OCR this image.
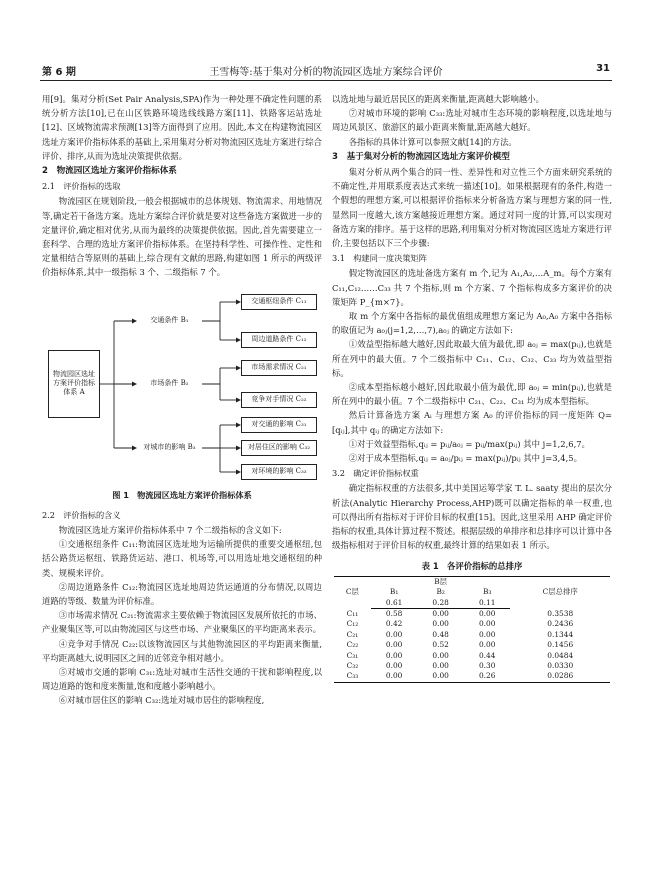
第 6 期	王雪梅等:基于集对分析的物流园区选址方案综合评价	31

用[9]。集对分析(Set Pair Analysis,SPA)作为一种处理不确定性问题的系统分析方法[10],已在山区铁路环境选线线路方案[11]、铁路客运站选址[12]、区域物流需求预测[13]等方面得到了应用。因此,本文在构建物流园区选址方案评价指标体系的基础上,采用集对分析对物流园区选址方案进行综合评价、排序,从而为选址决策提供依据。

2　物流园区选址方案评价指标体系
2.1　评价指标的选取

物流园区在规划阶段,一般会根据城市的总体规划、物流需求、用地情况等,确定若干备选方案。选址方案综合评价就是要对这些备选方案做进一步的定量评价,确定相对优劣,从而为最终的决策提供依据。因此,首先需要建立一套科学、合理的选址方案评价指标体系。在坚持科学性、可操作性、定性和定量相结合等原则的基础上,综合现有文献的思路,构建如图 1 所示的两级评价指标体系,其中一级指标 3 个、二级指标 7 个。

物流园区选址方案评价指标体系 A
交通条件 B₁
市场条件 B₂
对城市的影响 B₃
交通枢纽条件 C₁₁
周边道路条件 C₁₂
市场需求情况 C₂₁
竞争对手情况 C₂₂
对交通的影响 C₃₁
对居住区的影响 C₃₂
对环境的影响 C₃₃
图 1　物流园区选址方案评价指标体系
2.2　评价指标的含义

物流园区选址方案评价指标体系中 7 个二级指标的含义如下:

①交通枢纽条件 C₁₁:物流园区选址地为运输所提供的重要交通枢纽,包括公路货运枢纽、铁路货运站、港口、机场等,可以用选址地交通枢纽的种类、规模来评价。

②周边道路条件 C₁₂:物流园区选址地周边货运通道的分布情况,以周边道路的等级、数量为评价标准。

③市场需求情况 C₂₁:物流需求主要依赖于物流园区发展所依托的市场、产业聚集区等,可以由物流园区与这些市场、产业聚集区的平均距离来表示。

④竞争对手情况 C₂₂:以该物流园区与其他物流园区的平均距离来衡量,平均距离越大,说明园区之间的近邻竞争相对越小。

⑤对城市交通的影响 C₃₁:选址对城市生活性交通的干扰和影响程度,以周边道路的饱和度来衡量,饱和度越小影响越小。

⑥对城市居住区的影响 C₃₂:选址对城市居住的影响程度,

以选址地与最近居民区的距离来衡量,距离越大影响越小。

⑦对城市环境的影响 C₃₃:选址对城市生态环境的影响程度,以选址地与周边风景区、旅游区的最小距离来衡量,距离越大越好。

各指标的具体计算可以参照文献[14]的方法。

3　基于集对分析的物流园区选址方案评价模型

集对分析从两个集合的同一性、差异性和对立性三个方面来研究系统的不确定性,并用联系度表达式来统一描述[10]。如果根据现有的条件,构造一个假想的理想方案,可以根据评价指标来分析备选方案与理想方案的同一性,显然同一度越大,该方案越接近理想方案。通过对同一度的计算,可以实现对备选方案的排序。基于这样的思路,利用集对分析对物流园区选址方案进行评价,主要包括以下三个步骤:

3.1　构建同一度决策矩阵

假定物流园区的选址备选方案有 m 个,记为 A₁,A₂,…A_m。每个方案有 C₁₁,C₁₂……C₃₃ 共 7 个指标,则 m 个方案、7 个指标构成多方案评价的决策矩阵 P_{m×7}。

取 m 个方案中各指标的最优值组成理想方案记为 A₀,A₀ 方案中各指标的取值记为 a₀ⱼ(j=1,2,…,7),a₀ⱼ 的确定方法如下:

①效益型指标越大越好,因此取最大值为最优,即 a₀ⱼ = max(pᵢⱼ),也就是所在列中的最大值。7 个二级指标中 C₁₁、C₁₂、C₃₂、C₃₃ 均为效益型指标。

②成本型指标越小越好,因此取最小值为最优,即 a₀ⱼ = min(pᵢⱼ),也就是所在列中的最小值。7 个二级指标中 C₂₁、C₂₂、C₃₁ 均为成本型指标。

然后计算备选方案 Aᵢ 与理想方案 A₀ 的评价指标的同一度矩阵 Q=[qᵢⱼ],其中 qᵢⱼ 的确定方法如下:

①对于效益型指标,qᵢⱼ = pᵢⱼ/a₀ⱼ = pᵢⱼ/max(pᵢⱼ) 其中 j=1,2,6,7。

②对于成本型指标,qᵢⱼ = a₀ⱼ/pᵢⱼ = max(pᵢⱼ)/pᵢⱼ 其中 j=3,4,5。

3.2　确定评价指标权重

确定指标权重的方法很多,其中美国运筹学家 T. L. saaty 提出的层次分析法(Analytic Hierarchy Process,AHP)既可以确定指标的单一权重,也可以得出所有指标对于评价目标的权重[15]。因此,这里采用 AHP 确定评价指标的权重,具体计算过程不赘述。根据层级的单排序和总排序可以计算中各级指标相对于评价目标的权重,最终计算的结果如表 1 所示。

表 1　各评价指标的总排序
C层	B层			C层总排序
	B₁	B₂	B₃	
	0.61	0.28	0.11	
C₁₁	0.58	0.00	0.00	0.3538
C₁₂	0.42	0.00	0.00	0.2436
C₂₁	0.00	0.48	0.00	0.1344
C₂₂	0.00	0.52	0.00	0.1456
C₃₁	0.00	0.00	0.44	0.0484
C₃₂	0.00	0.00	0.30	0.0330
C₃₃	0.00	0.00	0.26	0.0286
